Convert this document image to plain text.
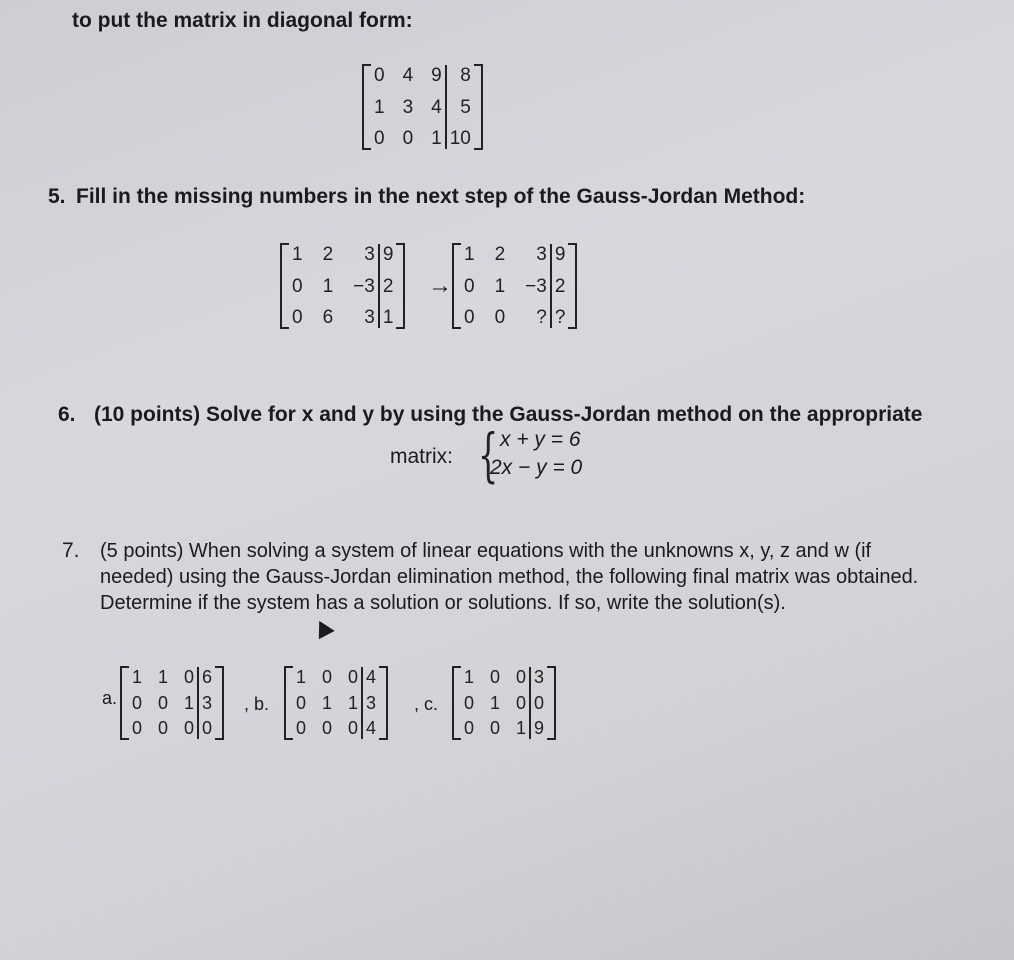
to put the matrix in diagonal form:
0
1
0
4
3
0
9
4
1
8
5
10
5. Fill in the missing numbers in the next step of the Gauss-Jordan Method:
1
0
0
2
1
6
3
−3
3
9
2
1
→
1
0
0
2
1
0
3
−3
?
9
2
?
6. (10 points) Solve for x and y by using the Gauss-Jordan method on the appropriate
matrix: { x + y = 6
2x − y = 0
7. (5 points) When solving a system of linear equations with the unknowns x, y, z and w (if needed) using the Gauss-Jordan elimination method, the following final matrix was obtained. Determine if the system has a solution or solutions. If so, write the solution(s).
a.
1
0
0
1
0
0
0
1
0
6
3
0
, b.
1
0
0
0
1
0
0
1
0
4
3
4
, c.
1
0
0
0
1
0
0
0
1
3
0
9
